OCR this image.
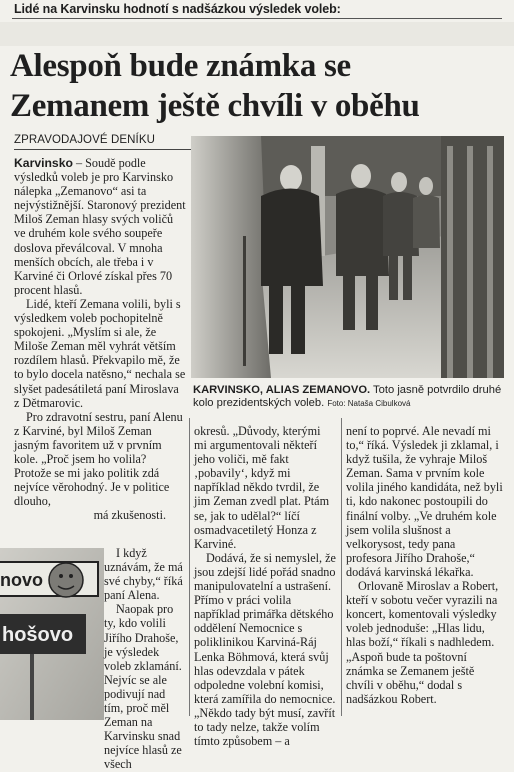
Lidé na Karvinsku hodnotí s nadšázkou výsledek voleb:
Alespoň bude známka se
Zemanem ještě chvíli v oběhu
ZPRAVODAJOVÉ DENÍKU

Karvinsko – Soudě podle výsledků voleb je pro Karvinsko nálepka „Zemanovo“ asi ta nejvýstižnější. Staronový prezident Miloš Zeman hlasy svých voličů ve druhém kole svého soupeře doslova převálcoval. V mnoha menších obcích, ale třeba i v Karviné či Orlové získal přes 70 procent hlasů.

Lidé, kteří Zemana volili, byli s výsledkem voleb pochopitelně spokojeni. „Myslím si ale, že Miloše Zeman měl vyhrát větším rozdílem hlasů. Překvapilo mě, že to bylo docela natěsno,“ nechala se slyšet padesátiletá paní Miroslava z Dětmarovic.

Pro zdravotní sestru, paní Alenu z Karviné, byl Miloš Zeman jasným favoritem už v prvním kole. „Proč jsem ho volila? Protože se mi jako politik zdá nejvíce věrohodný. Je v politice dlouho,

má zkušenosti.

novo
hošovo

I když uznávám, že má své chyby,“ říká paní Alena.

Naopak pro ty, kdo volili Jiřího Drahoše, je výsledek voleb zklamání. Nejvíc se ale podivují nad tím, proč měl Zeman na Karvinsku snad nejvíce hlasů ze všech

KARVINSKO, ALIAS ZEMANOVO. Toto jasně potvrdilo druhé kolo prezidentských voleb. Foto: Nataša Cibulková

okresů. „Důvody, kterými mi argumentovali někteří jeho voliči, mě fakt ‚pobavily‘, když mi například někdo tvrdil, že jim Zeman zvedl plat. Ptám se, jak to udělal?“ líčí osmadvacetiletý Honza z Karviné.

Dodává, že si nemyslel, že jsou zdejší lidé pořád snadno manipulovatelní a ustrašení. Přímo v práci volila například primářka dětského oddělení Nemocnice s poliklinikou Karviná-Ráj Lenka Böhmová, která svůj hlas odevzdala v pátek odpoledne volební komisi, která zamířila do nemocnice. „Někdo tady být musí, zavřít to tady nelze, takže volím tímto způsobem – a

není to poprvé. Ale nevadí mi to,“ říká. Výsledek ji zklamal, i když tušila, že vyhraje Miloš Zeman. Sama v prvním kole volila jiného kandidáta, než byli ti, kdo nakonec postoupili do finální volby. „Ve druhém kole jsem volila slušnost a velkorysost, tedy pana profesora Jiřího Drahoše,“ dodává karvinská lékařka.

Orlovaně Miroslav a Robert, kteří v sobotu večer vyrazili na koncert, komentovali výsledky voleb jednoduše: „Hlas lidu, hlas boží,“ říkali s nadhledem. „Aspoň bude ta poštovní známka se Zemanem ještě chvíli v oběhu,“ dodal s nadšázkou Robert.
